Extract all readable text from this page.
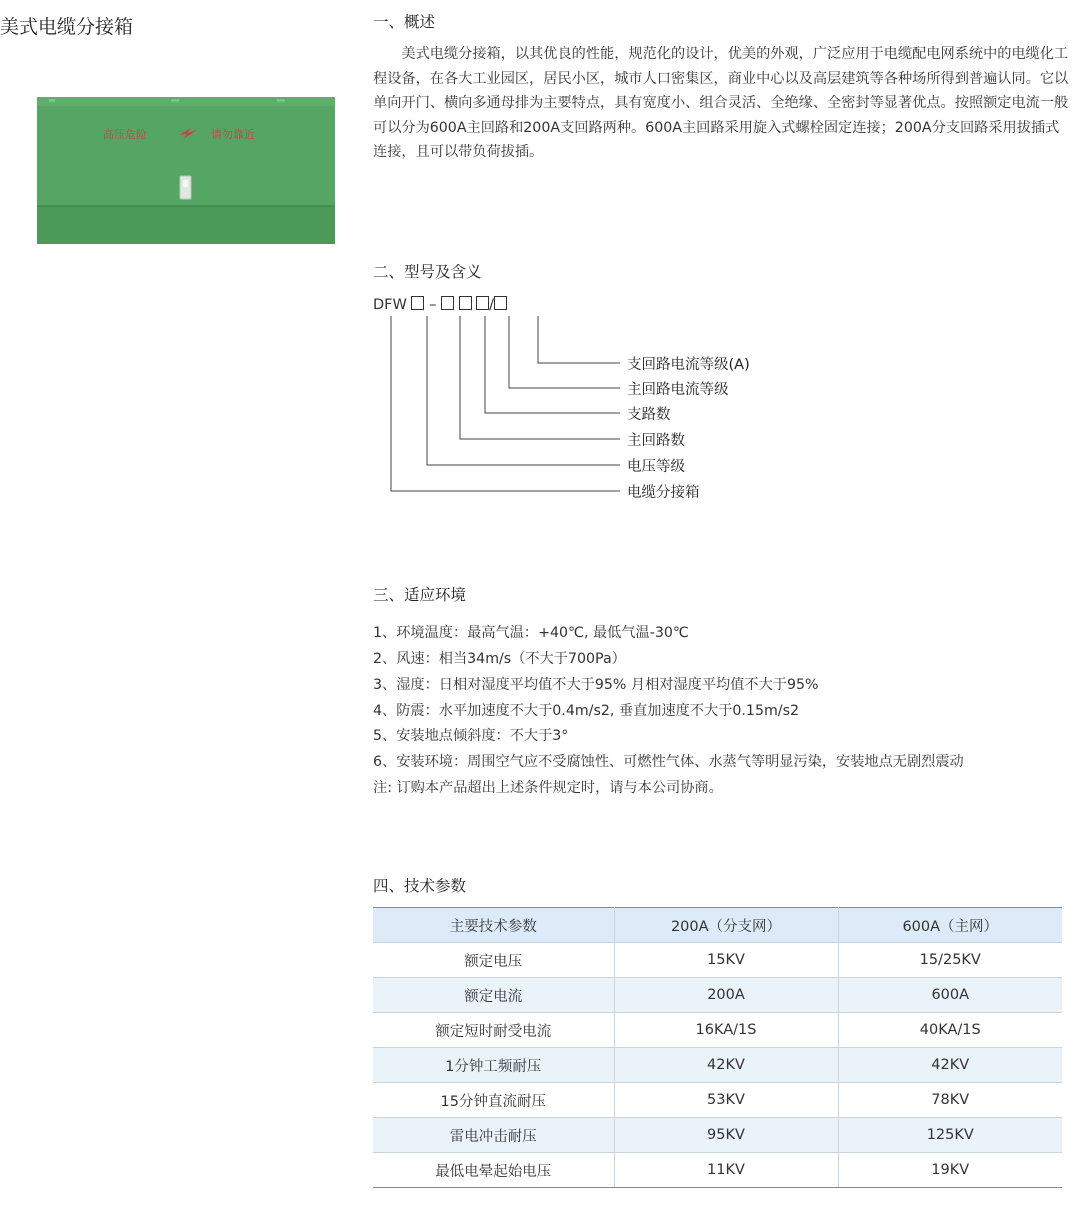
美式电缆分接箱
高压危险	请勿靠近
一、概述

美式电缆分接箱，以其优良的性能，规范化的设计，优美的外观，广泛应用于电缆配电网系统中的电缆化工程设备，在各大工业园区，居民小区，城市人口密集区，商业中心以及高层建筑等各种场所得到普遍认同。它以单向开门、横向多通母排为主要特点，具有宽度小、组合灵活、全绝缘、全密封等显著优点。按照额定电流一般可以分为600A主回路和200A支回路两种。600A主回路采用旋入式螺栓固定连接；200A分支回路采用拔插式连接，且可以带负荷拔插。

二、型号及含义
DFW –	/
支回路电流等级(A)
主回路电流等级
支路数
主回路数
电压等级
电缆分接箱
三、适应环境
1、环境温度：最高气温：+40℃, 最低气温-30℃
2、风速：相当34m/s（不大于700Pa）
3、湿度：日相对湿度平均值不大于95% 月相对湿度平均值不大于95%
4、防震：水平加速度不大于0.4m/s2, 垂直加速度不大于0.15m/s2
5、安装地点倾斜度：不大于3°
6、安装环境：周围空气应不受腐蚀性、可燃性气体、水蒸气等明显污染，安装地点无剧烈震动
注: 订购本产品超出上述条件规定时，请与本公司协商。
四、技术参数
主要技术参数	200A（分支网）	600A（主网）
额定电压	15KV	15/25KV
额定电流	200A	600A
额定短时耐受电流	16KA/1S	40KA/1S
1分钟工频耐压	42KV	42KV
15分钟直流耐压	53KV	78KV
雷电冲击耐压	95KV	125KV
最低电晕起始电压	11KV	19KV
